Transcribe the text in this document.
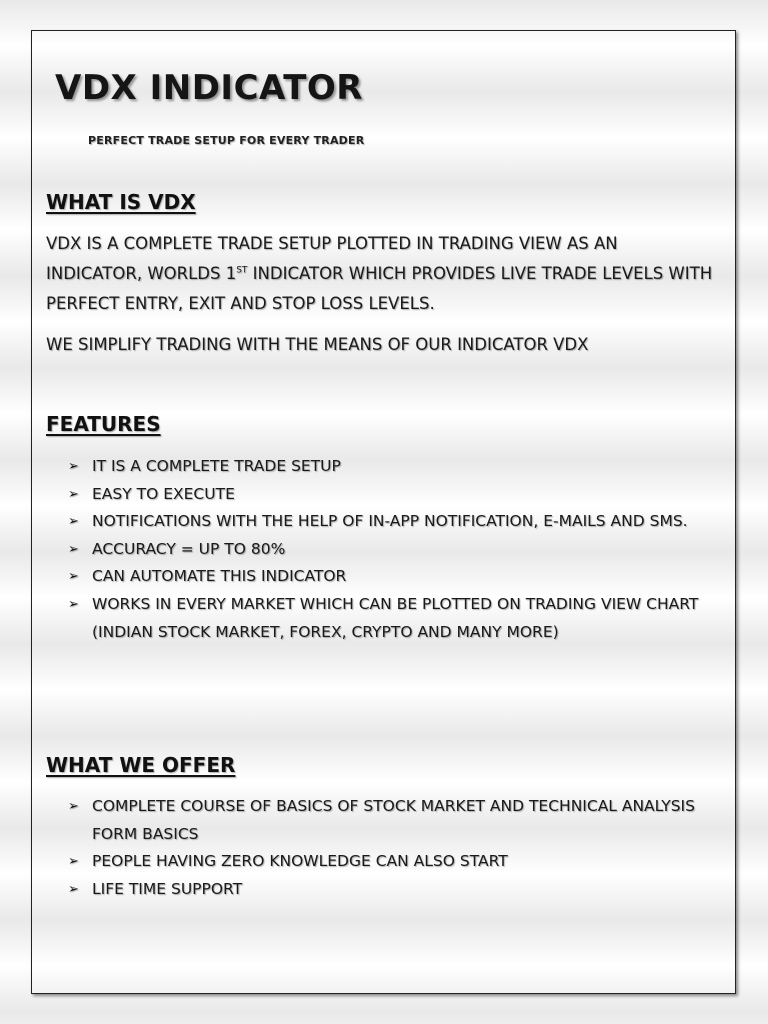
VDX INDICATOR
PERFECT TRADE SETUP FOR EVERY TRADER
WHAT IS VDX

VDX IS A COMPLETE TRADE SETUP PLOTTED IN TRADING VIEW AS AN INDICATOR, WORLDS 1ST INDICATOR WHICH PROVIDES LIVE TRADE LEVELS WITH PERFECT ENTRY, EXIT AND STOP LOSS LEVELS.

WE SIMPLIFY TRADING WITH THE MEANS OF OUR INDICATOR VDX

FEATURES
➢ IT IS A COMPLETE TRADE SETUP
➢ EASY TO EXECUTE
➢ NOTIFICATIONS WITH THE HELP OF IN-APP NOTIFICATION, E-MAILS AND SMS.
➢ ACCURACY = UP TO 80%
➢ CAN AUTOMATE THIS INDICATOR
➢ WORKS IN EVERY MARKET WHICH CAN BE PLOTTED ON TRADING VIEW CHART (INDIAN STOCK MARKET, FOREX, CRYPTO AND MANY MORE)
WHAT WE OFFER
➢ COMPLETE COURSE OF BASICS OF STOCK MARKET AND TECHNICAL ANALYSIS FORM BASICS
➢ PEOPLE HAVING ZERO KNOWLEDGE CAN ALSO START
➢ LIFE TIME SUPPORT
